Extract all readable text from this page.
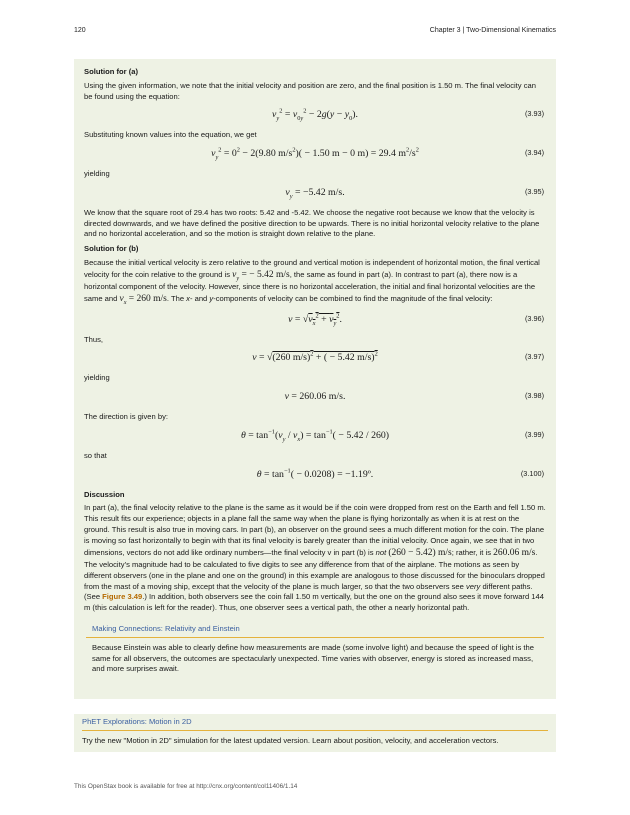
120	Chapter 3 | Two-Dimensional Kinematics
Solution for (a)

Using the given information, we note that the initial velocity and position are zero, and the final position is 1.50 m. The final velocity can be found using the equation:

$v_y^2 = v_{0y}^2 - 2g(y - y_0)$.	(3.93)

Substituting known values into the equation, we get

$v_y^2 = 0^2 - 2(9.80$ $m/s^2)( - 1.50$ m − 0 m) = 29.4 $m^2/s^2$	(3.94)

yielding

$v_y = -5.42$ m/s.	(3.95)

We know that the square root of 29.4 has two roots: 5.42 and -5.42. We choose the negative root because we know that the velocity is directed downwards, and we have defined the positive direction to be upwards. There is no initial horizontal velocity relative to the plane and no horizontal acceleration, and so the motion is straight down relative to the plane.

Solution for (b)

Because the initial vertical velocity is zero relative to the ground and vertical motion is independent of horizontal motion, the final vertical velocity for the coin relative to the ground is $v_y$ = − 5.42 m/s, the same as found in part (a). In contrast to part (a), there now is a horizontal component of the velocity. However, since there is no horizontal acceleration, the initial and final horizontal velocities are the same and $v_x = 260$ m/s. The x- and y-components of velocity can be combined to find the magnitude of the final velocity:

$v = √v_x^2 + v_y^2$.	(3.96)

Thus,

v = √(260 m/s)$^2$ + ( − 5.42 m/s)$^2$	(3.97)

yielding

v = 260.06 m/s.	(3.98)

The direction is given by:

$\theta = \tan^{-1}(v_y / v_x) = \tan^{-1}( - 5.42 / 260)$	(3.99)

so that

$\theta = \tan^{-1}( - 0.0208)$ = −1.19º.	(3.100)
Discussion

In part (a), the final velocity relative to the plane is the same as it would be if the coin were dropped from rest on the Earth and fell 1.50 m. This result fits our experience; objects in a plane fall the same way when the plane is flying horizontally as when it is at rest on the ground. This result is also true in moving cars. In part (b), an observer on the ground sees a much different motion for the coin. The plane is moving so fast horizontally to begin with that its final velocity is barely greater than the initial velocity. Once again, we see that in two dimensions, vectors do not add like ordinary numbers—the final velocity v in part (b) is not (260 − 5.42) m/s; rather, it is 260.06 m/s. The velocity’s magnitude had to be calculated to five digits to see any difference from that of the airplane. The motions as seen by different observers (one in the plane and one on the ground) in this example are analogous to those discussed for the binoculars dropped from the mast of a moving ship, except that the velocity of the plane is much larger, so that the two observers see very different paths. (See Figure 3.49.) In addition, both observers see the coin fall 1.50 m vertically, but the one on the ground also sees it move forward 144 m (this calculation is left for the reader). Thus, one observer sees a vertical path, the other a nearly horizontal path.

Making Connections: Relativity and Einstein
Because Einstein was able to clearly define how measurements are made (some involve light) and because the speed of light is the same for all observers, the outcomes are spectacularly unexpected. Time varies with observer, energy is stored as increased mass, and more surprises await.
PhET Explorations: Motion in 2D
Try the new "Motion in 2D" simulation for the latest updated version. Learn about position, velocity, and acceleration vectors.
This OpenStax book is available for free at http://cnx.org/content/col11406/1.14
